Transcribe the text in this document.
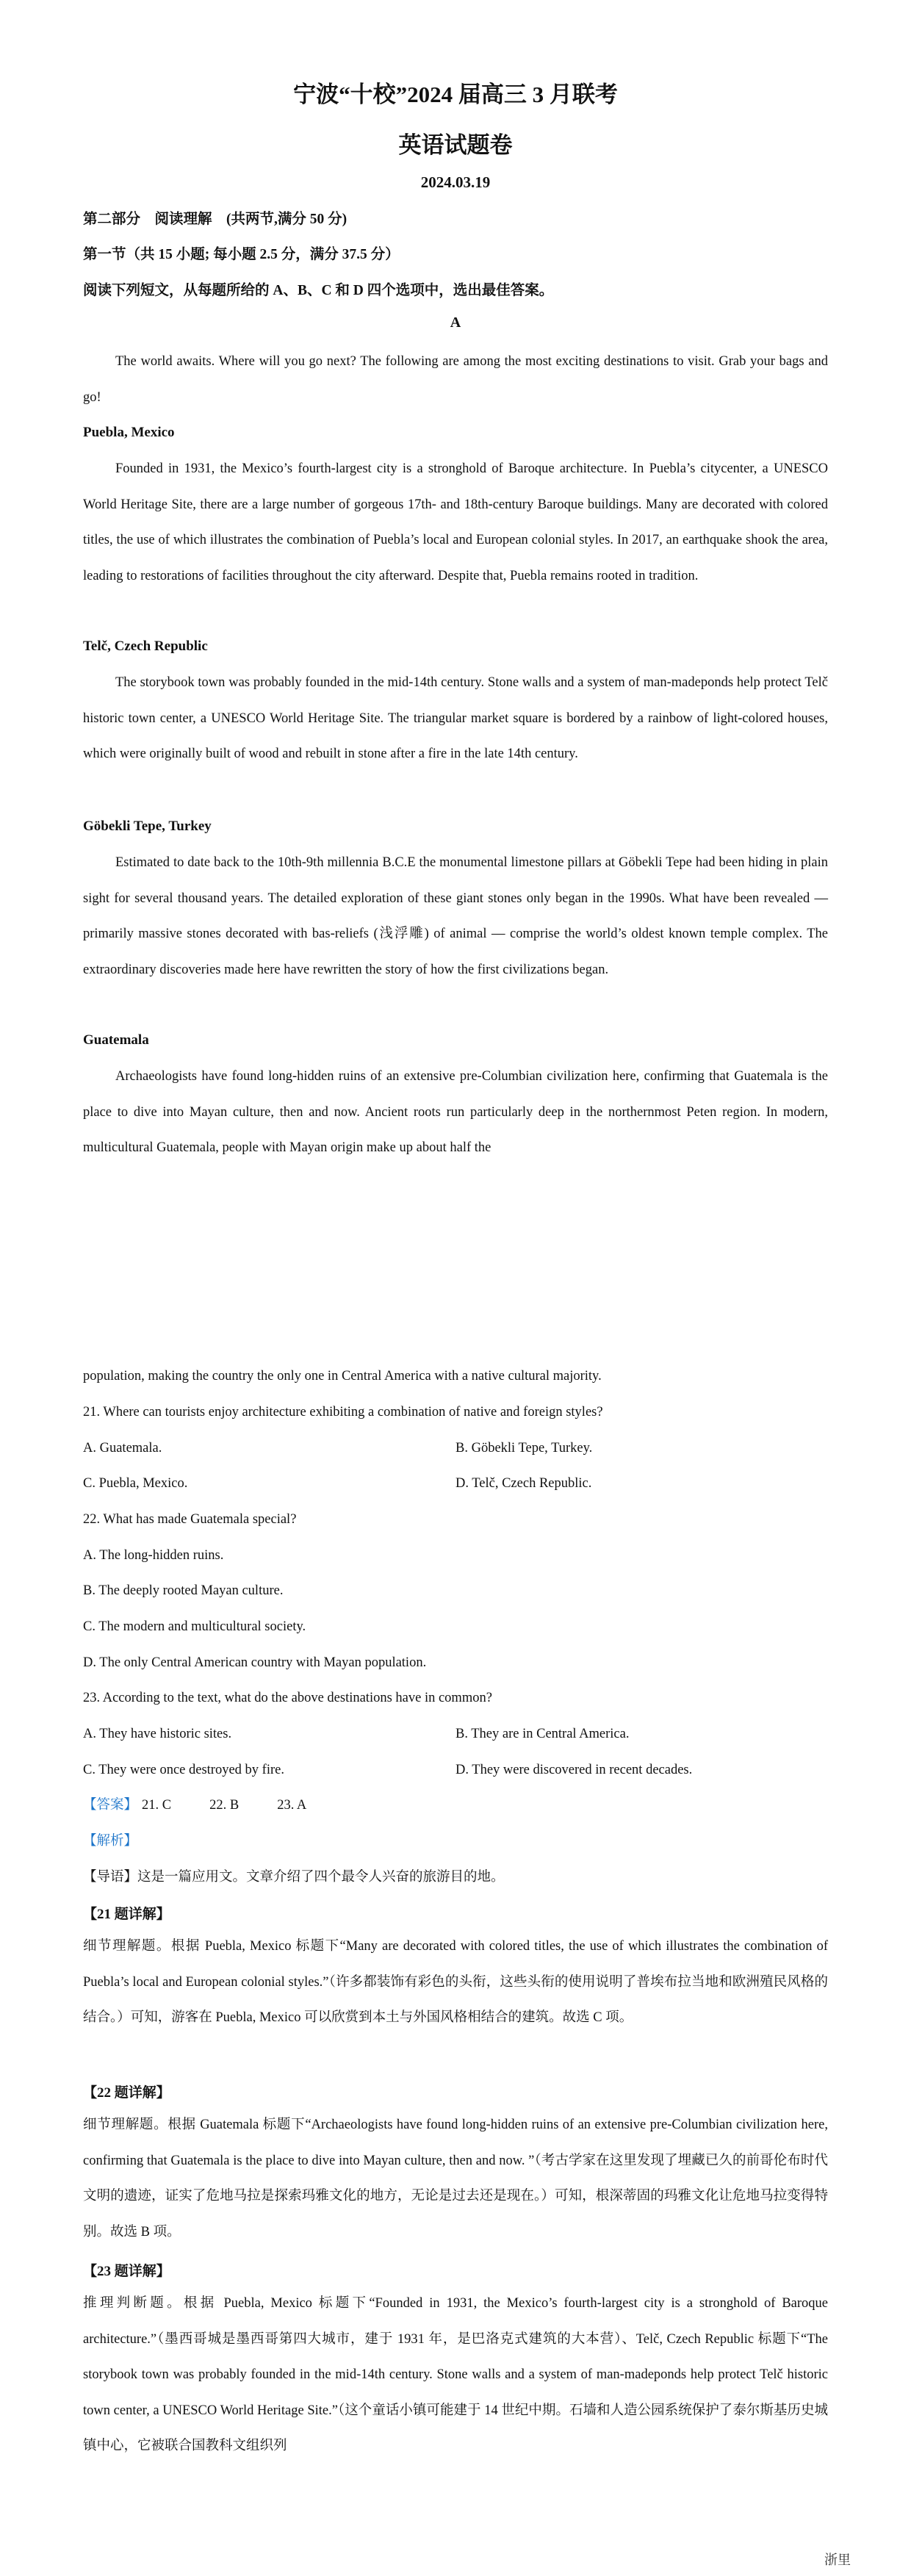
宁波“十校”2024 届高三 3 月联考
英语试题卷
2024.03.19
第二部分　阅读理解　(共两节,满分 50 分)
第一节（共 15 小题; 每小题 2.5 分，满分 37.5 分）
阅读下列短文，从每题所给的 A、B、C 和 D 四个选项中，选出最佳答案。
A

The world awaits. Where will you go next? The following are among the most exciting destinations to visit. Grab your bags and go!

Puebla, Mexico

Founded in 1931, the Mexico’s fourth-largest city is a stronghold of Baroque architecture. In Puebla’s citycenter, a UNESCO World Heritage Site, there are a large number of gorgeous 17th- and 18th-century Baroque buildings. Many are decorated with colored titles, the use of which illustrates the combination of Puebla’s local and European colonial styles. In 2017, an earthquake shook the area, leading to restorations of facilities throughout the city afterward. Despite that, Puebla remains rooted in tradition.

Telč, Czech Republic

The storybook town was probably founded in the mid-14th century. Stone walls and a system of man-madeponds help protect Telč historic town center, a UNESCO World Heritage Site. The triangular market square is bordered by a rainbow of light-colored houses, which were originally built of wood and rebuilt in stone after a fire in the late 14th century.

Göbekli Tepe, Turkey

Estimated to date back to the 10th-9th millennia B.C.E the monumental limestone pillars at Göbekli Tepe had been hiding in plain sight for several thousand years. The detailed exploration of these giant stones only began in the 1990s. What have been revealed — primarily massive stones decorated with bas-reliefs (浅浮雕) of animal — comprise the world’s oldest known temple complex. The extraordinary discoveries made here have rewritten the story of how the first civilizations began.

Guatemala

Archaeologists have found long-hidden ruins of an extensive pre-Columbian civilization here, confirming that Guatemala is the place to dive into Mayan culture, then and now. Ancient roots run particularly deep in the northernmost Peten region. In modern, multicultural Guatemala, people with Mayan origin make up about half the

population, making the country the only one in Central America with a native cultural majority.
21. Where can tourists enjoy architecture exhibiting a combination of native and foreign styles?
A. Guatemala.	B. Göbekli Tepe, Turkey.
C. Puebla, Mexico.	D. Telč, Czech Republic.
22. What has made Guatemala special?
A. The long-hidden ruins.
B. The deeply rooted Mayan culture.
C. The modern and multicultural society.
D. The only Central American country with Mayan population.
23. According to the text, what do the above destinations have in common?
A. They have historic sites.	B. They are in Central America.
C. They were once destroyed by fire.	D. They were discovered in recent decades.
【答案】 21. C	22. B	23. A
【解析】
【导语】这是一篇应用文。文章介绍了四个最令人兴奋的旅游目的地。
【21 题详解】

细节理解题。根据 Puebla, Mexico 标题下“Many are decorated with colored titles, the use of which illustrates the combination of Puebla’s local and European colonial styles.”（许多都装饰有彩色的头衔，这些头衔的使用说明了普埃布拉当地和欧洲殖民风格的结合。）可知，游客在 Puebla, Mexico 可以欣赏到本土与外国风格相结合的建筑。故选 C 项。

【22 题详解】

细节理解题。根据 Guatemala 标题下“Archaeologists have found long-hidden ruins of an extensive pre-Columbian civilization here, confirming that Guatemala is the place to dive into Mayan culture, then and now. ”（考古学家在这里发现了埋藏已久的前哥伦布时代文明的遗迹，证实了危地马拉是探索玛雅文化的地方，无论是过去还是现在。）可知，根深蒂固的玛雅文化让危地马拉变得特别。故选 B 项。

【23 题详解】

推理判断题。根据 Puebla, Mexico 标题下“Founded in 1931, the Mexico’s fourth-largest city is a stronghold of Baroque architecture.”（墨西哥城是墨西哥第四大城市，建于 1931 年，是巴洛克式建筑的大本营）、Telč, Czech Republic 标题下“The storybook town was probably founded in the mid-14th century. Stone walls and a system of man-madeponds help protect Telč historic town center, a UNESCO World Heritage Site.”（这个童话小镇可能建于 14 世纪中期。石墙和人造公园系统保护了泰尔斯基历史城镇中心，它被联合国教科文组织列

浙里
